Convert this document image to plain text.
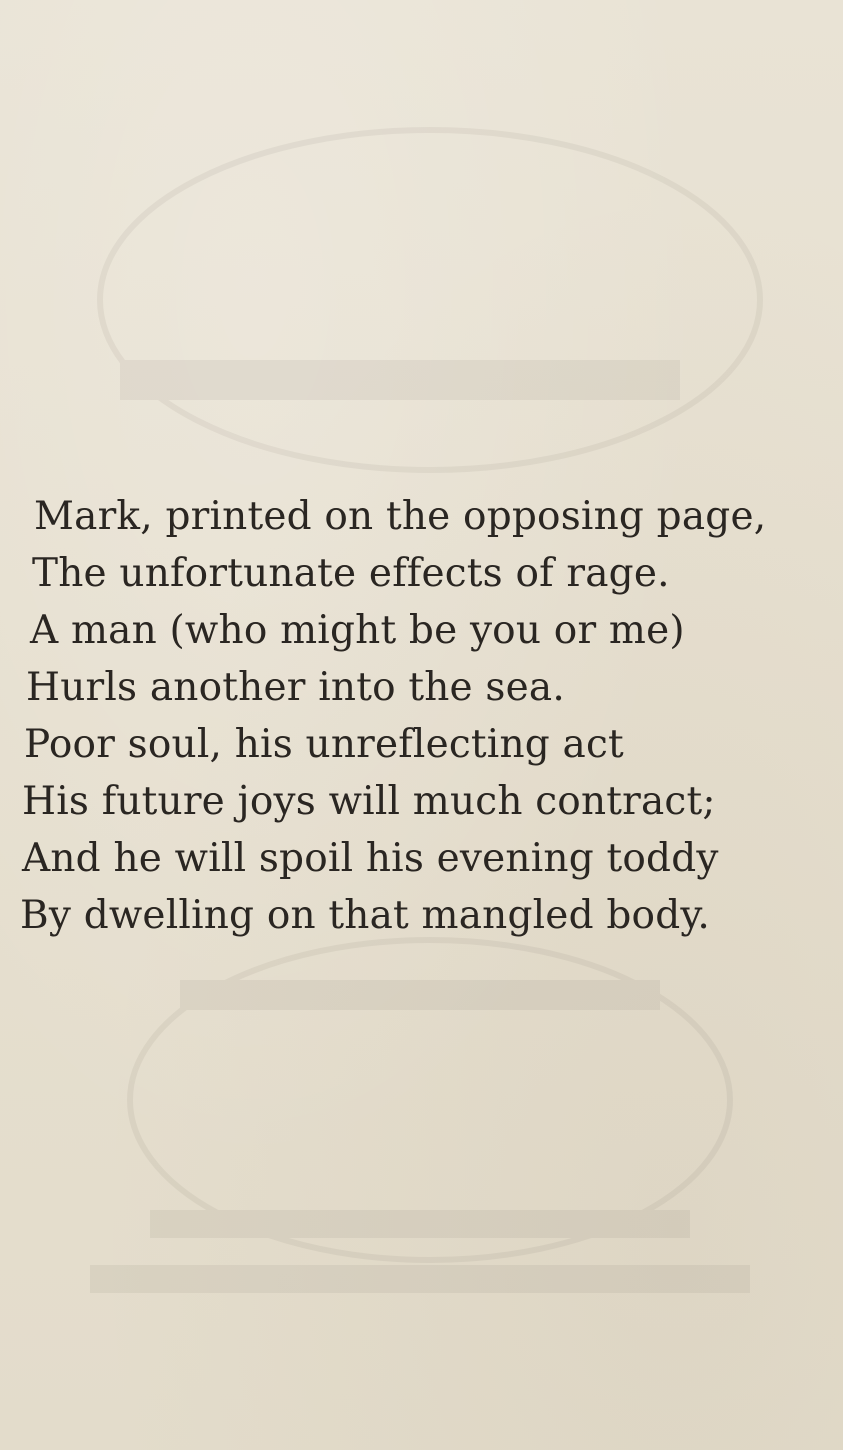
Mark, printed on the opposing page,
The unfortunate effects of rage.
A man (who might be you or me)
Hurls another into the sea.
Poor soul, his unreflecting act
His future joys will much contract;
And he will spoil his evening toddy
By dwelling on that mangled body.
